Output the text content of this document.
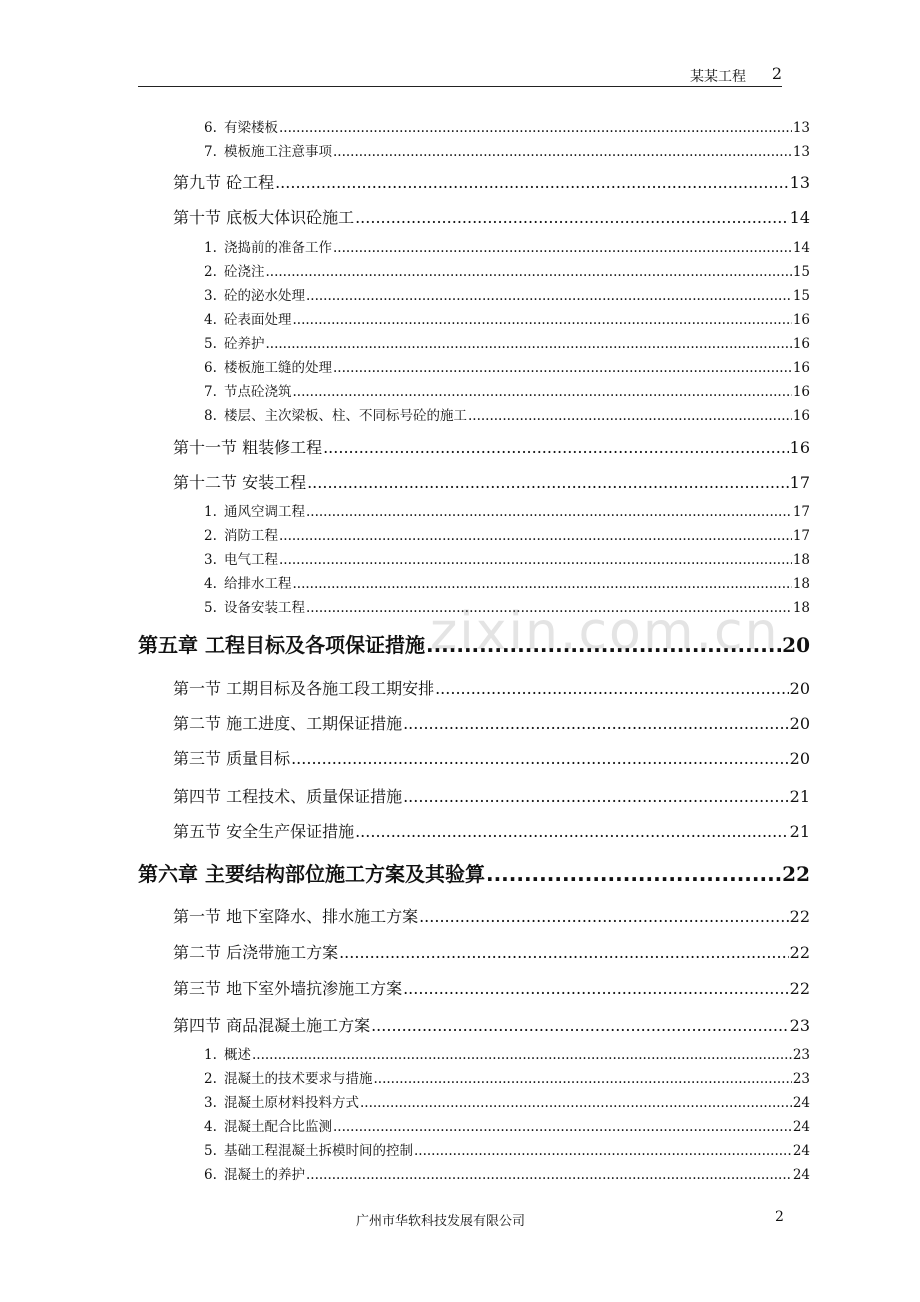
某某工程 2
zixin.com.cn
6. 有梁楼板 .....	13
7. 模板施工注意事项 .....	13
第九节 砼工程 .....	13
第十节 底板大体识砼施工 .....	14
1. 浇捣前的准备工作 .....	14
2. 砼浇注 .....	15
3. 砼的泌水处理 .....	15
4. 砼表面处理 .....	16
5. 砼养护 .....	16
6. 楼板施工缝的处理 .....	16
7. 节点砼浇筑 .....	16
8. 楼层、主次梁板、柱、不同标号砼的施工 .....	16
第十一节 粗装修工程 .....	16
第十二节 安装工程 .....	17
1. 通风空调工程 .....	17
2. 消防工程 .....	17
3. 电气工程 .....	18
4. 给排水工程 .....	18
5. 设备安装工程 .....	18
第五章 工程目标及各项保证措施 .....	20
第一节 工期目标及各施工段工期安排 .....	20
第二节 施工进度、工期保证措施 .....	20
第三节 质量目标 .....	20
第四节 工程技术、质量保证措施 .....	21
第五节 安全生产保证措施 .....	21
第六章 主要结构部位施工方案及其验算 .....	22
第一节 地下室降水、排水施工方案 .....	22
第二节 后浇带施工方案 .....	22
第三节 地下室外墙抗渗施工方案 .....	22
第四节 商品混凝土施工方案 .....	23
1. 概述 .....	23
2. 混凝土的技术要求与措施 .....	23
3. 混凝土原材料投料方式 .....	24
4. 混凝土配合比监测 .....	24
5. 基础工程混凝土拆模时间的控制 .....	24
6. 混凝土的养护 .....	24
广州市华软科技发展有限公司	2
